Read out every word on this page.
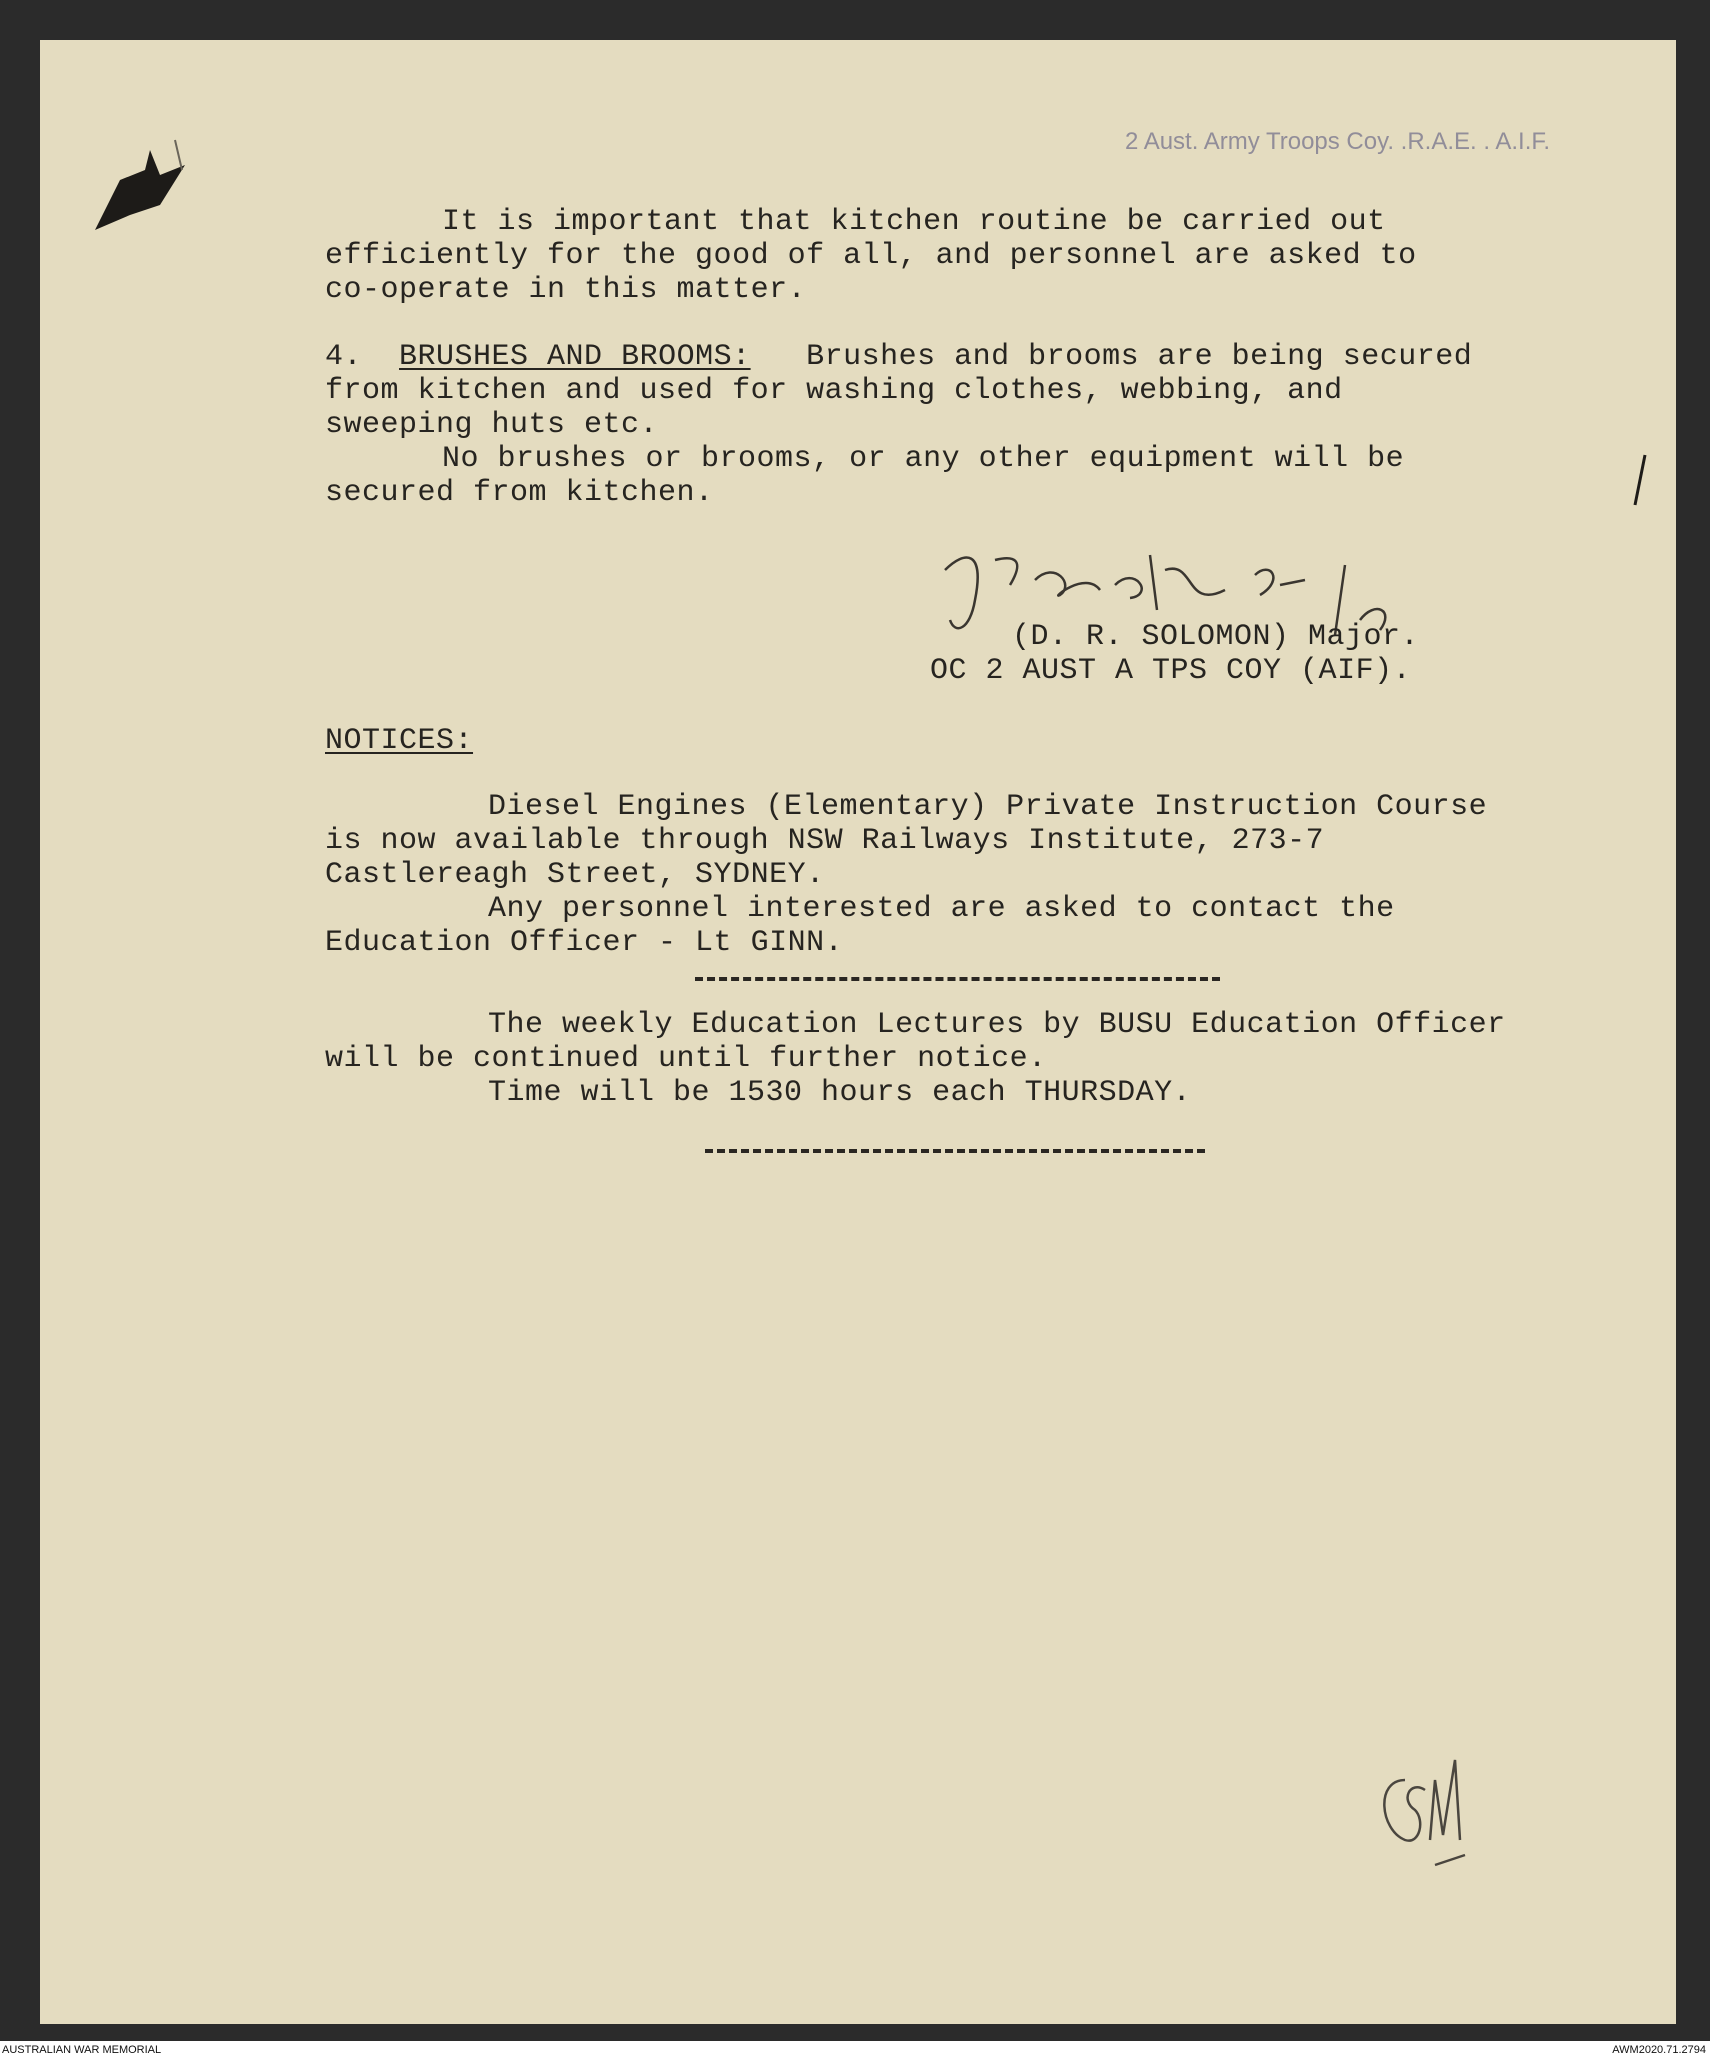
2 Aust. Army Troops Coy. .R.A.E. . A.I.F.
It is important that kitchen routine be carried out
efficiently for the good of all, and personnel are asked to
co-operate in this matter.
4. BRUSHES AND BROOMS:   Brushes and brooms are being secured
from kitchen and used for washing clothes, webbing, and
sweeping huts etc.
No brushes or brooms, or any other equipment will be
secured from kitchen.
(D. R. SOLOMON) Major.
OC 2 AUST A TPS COY (AIF).
NOTICES:
Diesel Engines (Elementary) Private Instruction Course
is now available through NSW Railways Institute, 273-7
Castlereagh Street, SYDNEY.
Any personnel interested are asked to contact the
Education Officer - Lt GINN.
The weekly Education Lectures by BUSU Education Officer
will be continued until further notice.
Time will be 1530 hours each THURSDAY.
AUSTRALIAN WAR MEMORIAL	AWM2020.71.2794
